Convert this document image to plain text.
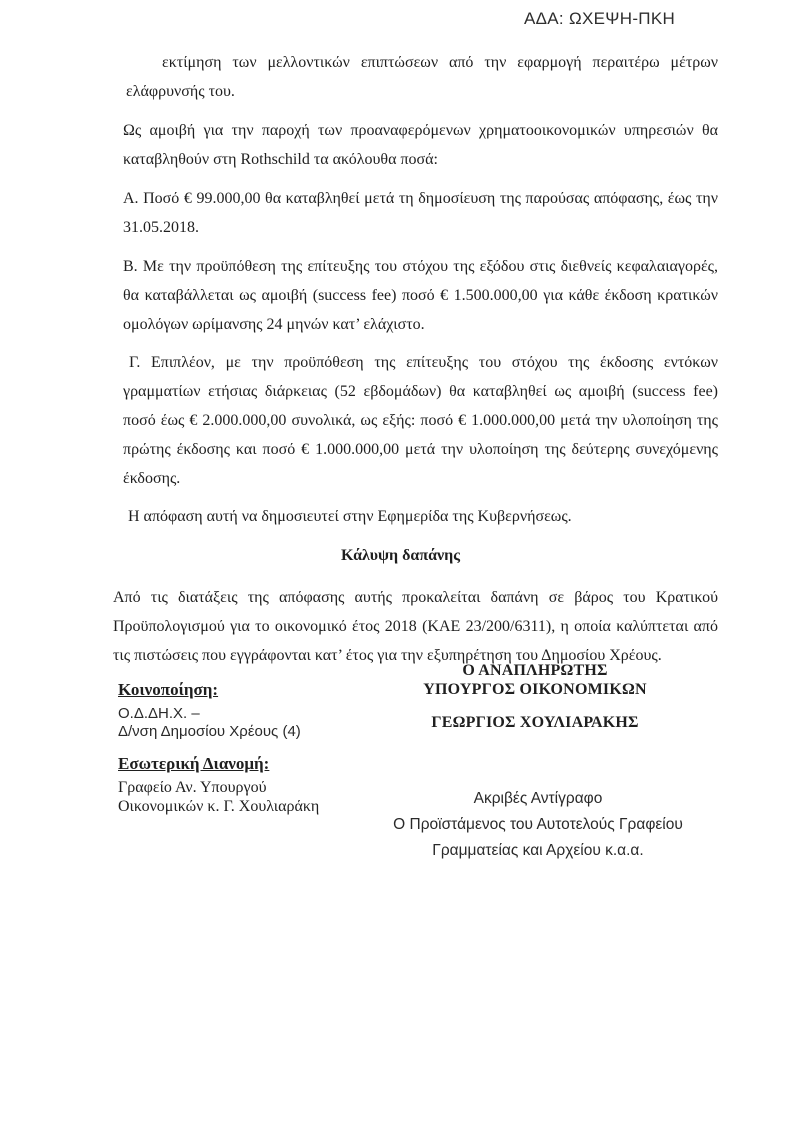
ΑΔΑ: ΩΧΕΨΗ-ΠΚΗ

εκτίμηση των μελλοντικών επιπτώσεων από την εφαρμογή περαιτέρω μέτρων ελάφρυνσής του.

Ως αμοιβή για την παροχή των προαναφερόμενων χρηματοοικονομικών υπηρεσιών θα καταβληθούν στη Rothschild τα ακόλουθα ποσά:

Α. Ποσό € 99.000,00 θα καταβληθεί μετά τη δημοσίευση της παρούσας απόφασης, έως την 31.05.2018.

Β. Με την προϋπόθεση της επίτευξης του στόχου της εξόδου στις διεθνείς κεφαλαιαγορές, θα καταβάλλεται ως αμοιβή (success fee) ποσό € 1.500.000,00 για κάθε έκδοση κρατικών ομολόγων ωρίμανσης 24 μηνών κατ’ ελάχιστο.

Γ. Επιπλέον, με την προϋπόθεση της επίτευξης του στόχου της έκδοσης εντόκων γραμματίων ετήσιας διάρκειας (52 εβδομάδων) θα καταβληθεί ως αμοιβή (success fee) ποσό έως € 2.000.000,00 συνολικά, ως εξής: ποσό € 1.000.000,00 μετά την υλοποίηση της πρώτης έκδοσης και ποσό € 1.000.000,00 μετά την υλοποίηση της δεύτερης συνεχόμενης έκδοσης.

Η απόφαση αυτή να δημοσιευτεί στην Εφημερίδα της Κυβερνήσεως.

Κάλυψη δαπάνης

Από τις διατάξεις της απόφασης αυτής προκαλείται δαπάνη σε βάρος του Κρατικού Προϋπολογισμού για το οικονομικό έτος 2018 (ΚΑΕ 23/200/6311), η οποία καλύπτεται από τις πιστώσεις που εγγράφονται κατ’ έτος για την εξυπηρέτηση του Δημοσίου Χρέους.

Ο ΑΝΑΠΛΗΡΩΤΗΣ
ΥΠΟΥΡΓΟΣ ΟΙΚΟΝΟΜΙΚΩΝ
ΓΕΩΡΓΙΟΣ ΧΟΥΛΙΑΡΑΚΗΣ
Κοινοποίηση:
Ο.Δ.ΔΗ.Χ. –
Δ/νση Δημοσίου Χρέους (4)
Εσωτερική Διανομή:
Γραφείο Αν. Υπουργού
Οικονομικών κ. Γ. Χουλιαράκη	Ακριβές Αντίγραφο
Ο Προϊστάμενος του Αυτοτελούς Γραφείου
Γραμματείας και Αρχείου κ.α.α.
